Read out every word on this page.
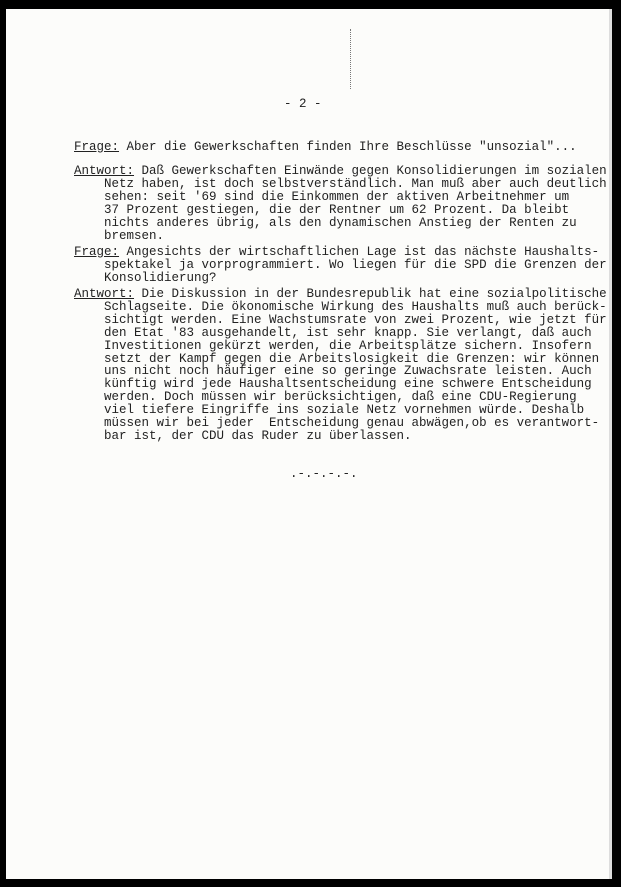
- 2 -
Frage: Aber die Gewerkschaften finden Ihre Beschlüsse "unsozial"...
Antwort: Daß Gewerkschaften Einwände gegen Konsolidierungen im sozialen
Netz haben, ist doch selbstverständlich. Man muß aber auch deutlich
sehen: seit '69 sind die Einkommen der aktiven Arbeitnehmer um
37 Prozent gestiegen, die der Rentner um 62 Prozent. Da bleibt
nichts anderes übrig, als den dynamischen Anstieg der Renten zu
bremsen.
Frage: Angesichts der wirtschaftlichen Lage ist das nächste Haushalts-
spektakel ja vorprogrammiert. Wo liegen für die SPD die Grenzen der
Konsolidierung?
Antwort: Die Diskussion in der Bundesrepublik hat eine sozialpolitische
Schlagseite. Die ökonomische Wirkung des Haushalts muß auch berück-
sichtigt werden. Eine Wachstumsrate von zwei Prozent, wie jetzt für
den Etat '83 ausgehandelt, ist sehr knapp. Sie verlangt, daß auch
Investitionen gekürzt werden, die Arbeitsplätze sichern. Insofern
setzt der Kampf gegen die Arbeitslosigkeit die Grenzen: wir können
uns nicht noch häufiger eine so geringe Zuwachsrate leisten. Auch
künftig wird jede Haushaltsentscheidung eine schwere Entscheidung
werden. Doch müssen wir berücksichtigen, daß eine CDU-Regierung
viel tiefere Eingriffe ins soziale Netz vornehmen würde. Deshalb
müssen wir bei jeder  Entscheidung genau abwägen,ob es verantwort-
bar ist, der CDU das Ruder zu überlassen.
.-.-.-.-.
